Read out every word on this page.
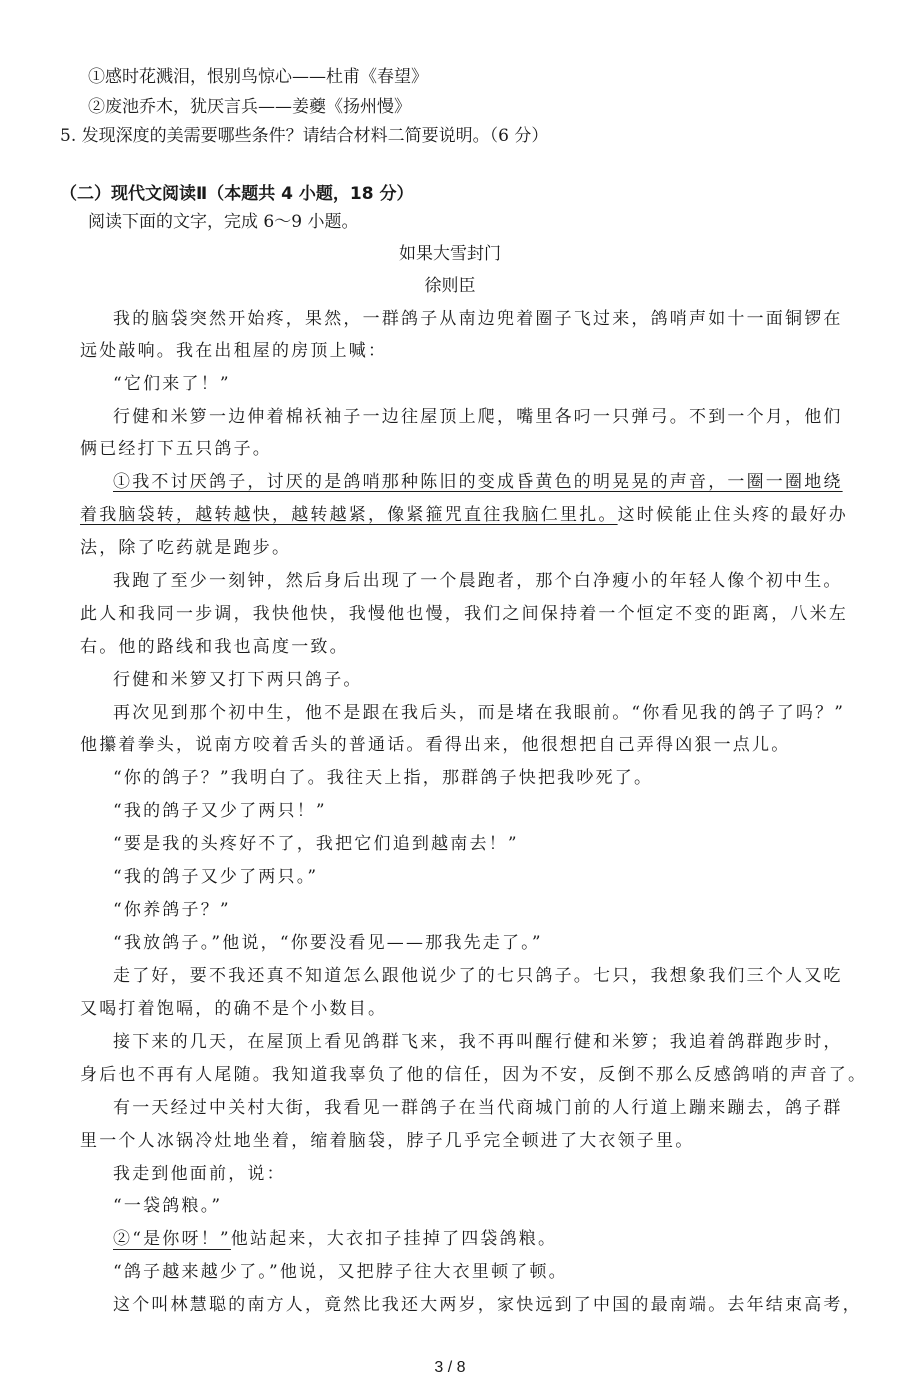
①感时花溅泪，恨别鸟惊心——杜甫《春望》
②废池乔木，犹厌言兵——姜夔《扬州慢》
5. 发现深度的美需要哪些条件？请结合材料二简要说明。（6 分）
（二）现代文阅读Ⅱ（本题共 4 小题，18 分）
阅读下面的文字，完成 6～9 小题。
如果大雪封门
徐则臣
我的脑袋突然开始疼，果然，一群鸽子从南边兜着圈子飞过来，鸽哨声如十一面铜锣在
远处敲响。我在出租屋的房顶上喊：
“它们来了！”
行健和米箩一边伸着棉袄袖子一边往屋顶上爬，嘴里各叼一只弹弓。不到一个月，他们
俩已经打下五只鸽子。
①我不讨厌鸽子，讨厌的是鸽哨那种陈旧的变成昏黄色的明晃晃的声音，一圈一圈地绕
着我脑袋转，越转越快，越转越紧，像紧箍咒直往我脑仁里扎。这时候能止住头疼的最好办
法，除了吃药就是跑步。
我跑了至少一刻钟，然后身后出现了一个晨跑者，那个白净瘦小的年轻人像个初中生。
此人和我同一步调，我快他快，我慢他也慢，我们之间保持着一个恒定不变的距离，八米左
右。他的路线和我也高度一致。
行健和米箩又打下两只鸽子。
再次见到那个初中生，他不是跟在我后头，而是堵在我眼前。“你看见我的鸽子了吗？”
他攥着拳头，说南方咬着舌头的普通话。看得出来，他很想把自己弄得凶狠一点儿。
“你的鸽子？”我明白了。我往天上指，那群鸽子快把我吵死了。
“我的鸽子又少了两只！”
“要是我的头疼好不了，我把它们追到越南去！”
“我的鸽子又少了两只。”
“你养鸽子？”
“我放鸽子。”他说，“你要没看见——那我先走了。”
走了好，要不我还真不知道怎么跟他说少了的七只鸽子。七只，我想象我们三个人又吃
又喝打着饱嗝，的确不是个小数目。
接下来的几天，在屋顶上看见鸽群飞来，我不再叫醒行健和米箩；我追着鸽群跑步时，
身后也不再有人尾随。我知道我辜负了他的信任，因为不安，反倒不那么反感鸽哨的声音了。
有一天经过中关村大街，我看见一群鸽子在当代商城门前的人行道上蹦来蹦去，鸽子群
里一个人冰锅冷灶地坐着，缩着脑袋，脖子几乎完全顿进了大衣领子里。
我走到他面前，说：
“一袋鸽粮。”
②“是你呀！”他站起来，大衣扣子挂掉了四袋鸽粮。
“鸽子越来越少了。”他说，又把脖子往大衣里顿了顿。
这个叫林慧聪的南方人，竟然比我还大两岁，家快远到了中国的最南端。去年结束高考，
3 / 8
